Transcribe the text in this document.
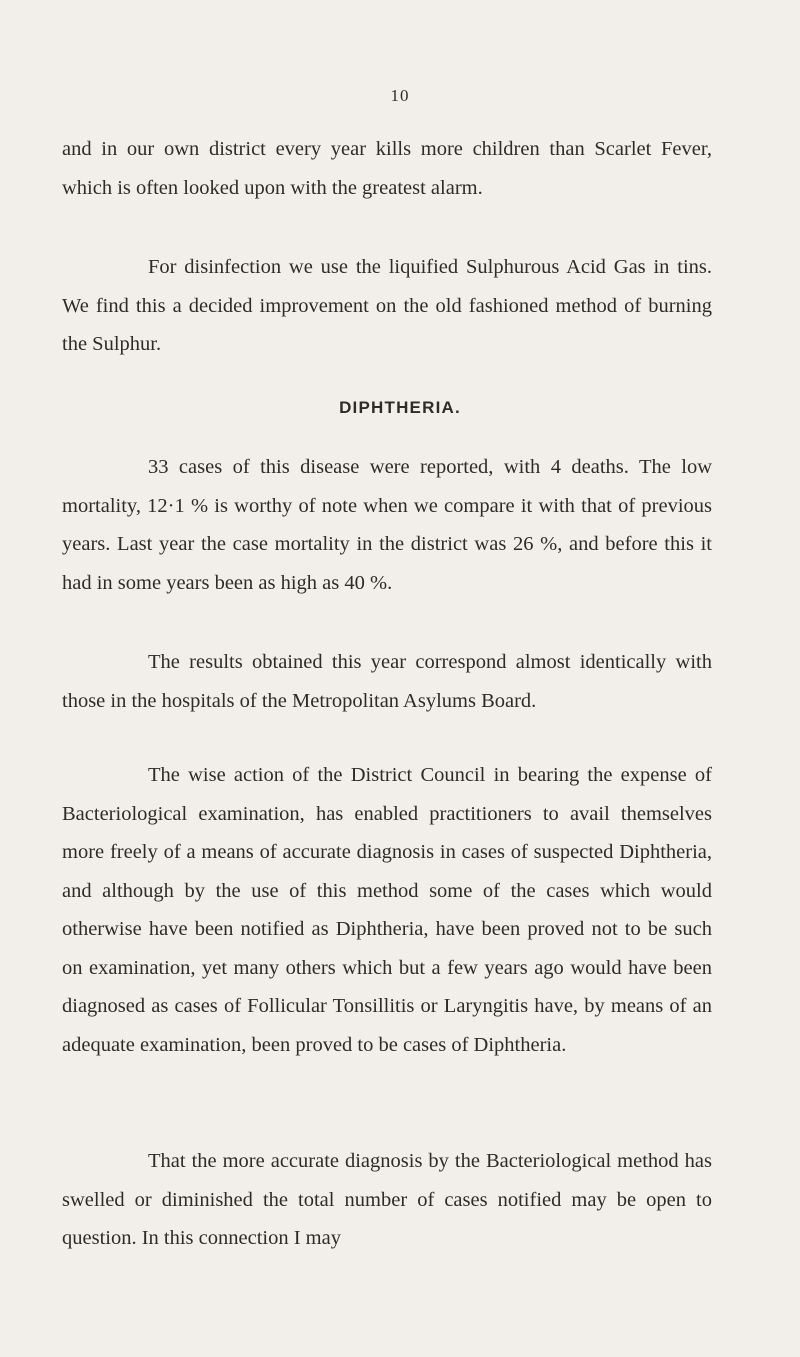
10

and in our own district every year kills more children than Scarlet Fever, which is often looked upon with the greatest alarm.

For disinfection we use the liquified Sulphurous Acid Gas in tins. We find this a decided improvement on the old fashioned method of burning the Sulphur.

DIPHTHERIA.

33 cases of this disease were reported, with 4 deaths. The low mortality, 12·1 % is worthy of note when we compare it with that of previous years. Last year the case mortality in the district was 26 %, and before this it had in some years been as high as 40 %.

The results obtained this year correspond almost identically with those in the hospitals of the Metropolitan Asylums Board.

The wise action of the District Council in bearing the expense of Bacteriological examination, has enabled practitioners to avail themselves more freely of a means of accurate diagnosis in cases of suspected Diphtheria, and although by the use of this method some of the cases which would otherwise have been notified as Diphtheria, have been proved not to be such on examination, yet many others which but a few years ago would have been diagnosed as cases of Follicular Tonsillitis or Laryngitis have, by means of an adequate examination, been proved to be cases of Diphtheria.

That the more accurate diagnosis by the Bacteriological method has swelled or diminished the total number of cases notified may be open to question. In this connection I may
